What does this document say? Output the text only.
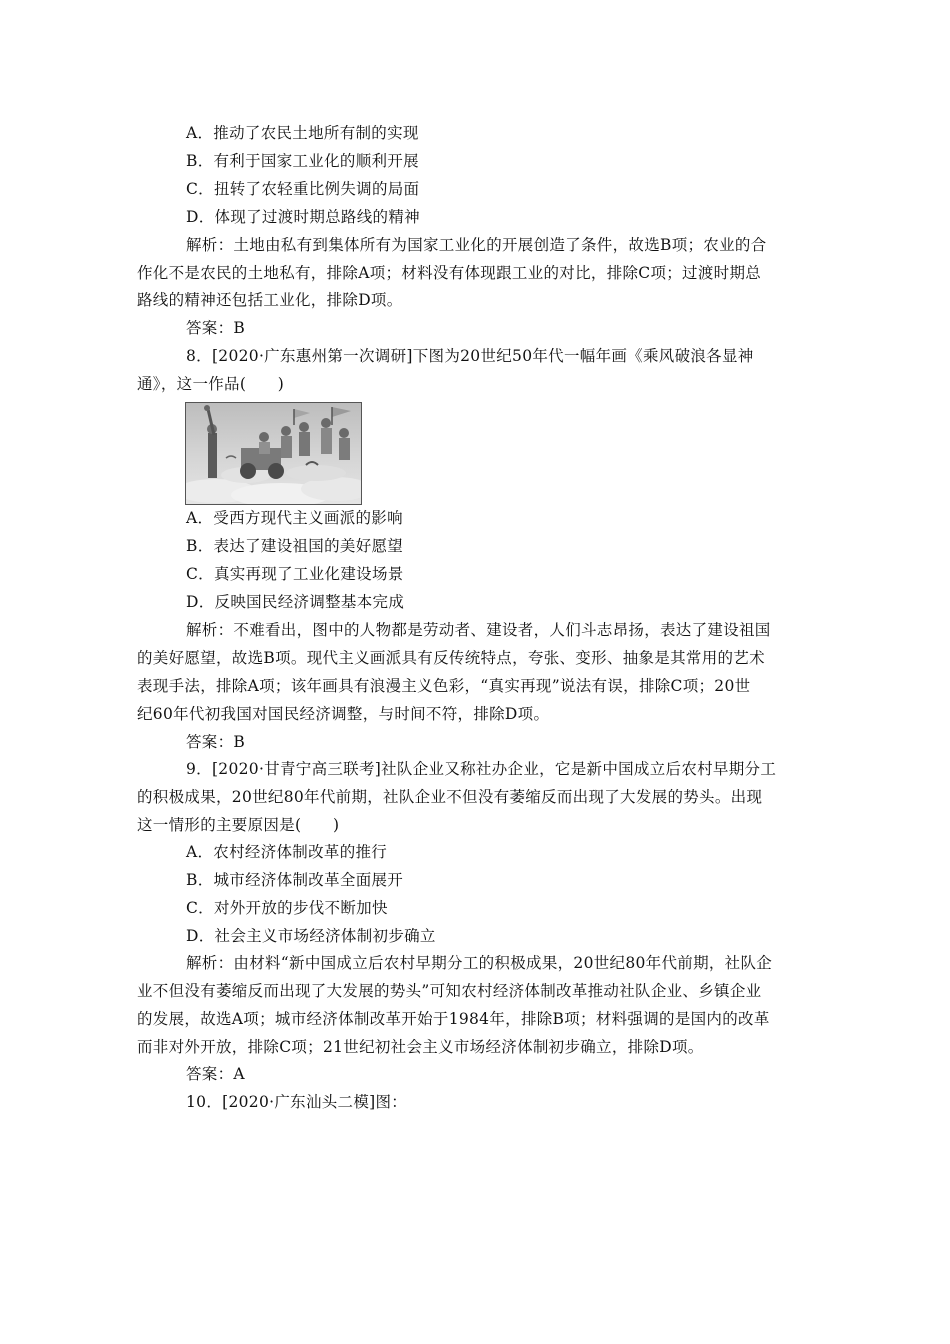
A．推动了农民土地所有制的实现
B．有利于国家工业化的顺利开展
C．扭转了农轻重比例失调的局面
D．体现了过渡时期总路线的精神
解析：土地由私有到集体所有为国家工业化的开展创造了条件，故选B项；农业的合
作化不是农民的土地私有，排除A项；材料没有体现跟工业的对比，排除C项；过渡时期总
路线的精神还包括工业化，排除D项。
答案：B
8．[2020·广东惠州第一次调研]下图为20世纪50年代一幅年画《乘风破浪各显神
通》，这一作品(　　)
A．受西方现代主义画派的影响
B．表达了建设祖国的美好愿望
C．真实再现了工业化建设场景
D．反映国民经济调整基本完成
解析：不难看出，图中的人物都是劳动者、建设者，人们斗志昂扬，表达了建设祖国
的美好愿望，故选B项。现代主义画派具有反传统特点，夸张、变形、抽象是其常用的艺术
表现手法，排除A项；该年画具有浪漫主义色彩，“真实再现”说法有误，排除C项；20世
纪60年代初我国对国民经济调整，与时间不符，排除D项。
答案：B
9．[2020·甘青宁高三联考]社队企业又称社办企业，它是新中国成立后农村早期分工
的积极成果，20世纪80年代前期，社队企业不但没有萎缩反而出现了大发展的势头。出现
这一情形的主要原因是(　　)
A．农村经济体制改革的推行
B．城市经济体制改革全面展开
C．对外开放的步伐不断加快
D．社会主义市场经济体制初步确立
解析：由材料“新中国成立后农村早期分工的积极成果，20世纪80年代前期，社队企
业不但没有萎缩反而出现了大发展的势头”可知农村经济体制改革推动社队企业、乡镇企业
的发展，故选A项；城市经济体制改革开始于1984年，排除B项；材料强调的是国内的改革
而非对外开放，排除C项；21世纪初社会主义市场经济体制初步确立，排除D项。
答案：A
10．[2020·广东汕头二模]图：
